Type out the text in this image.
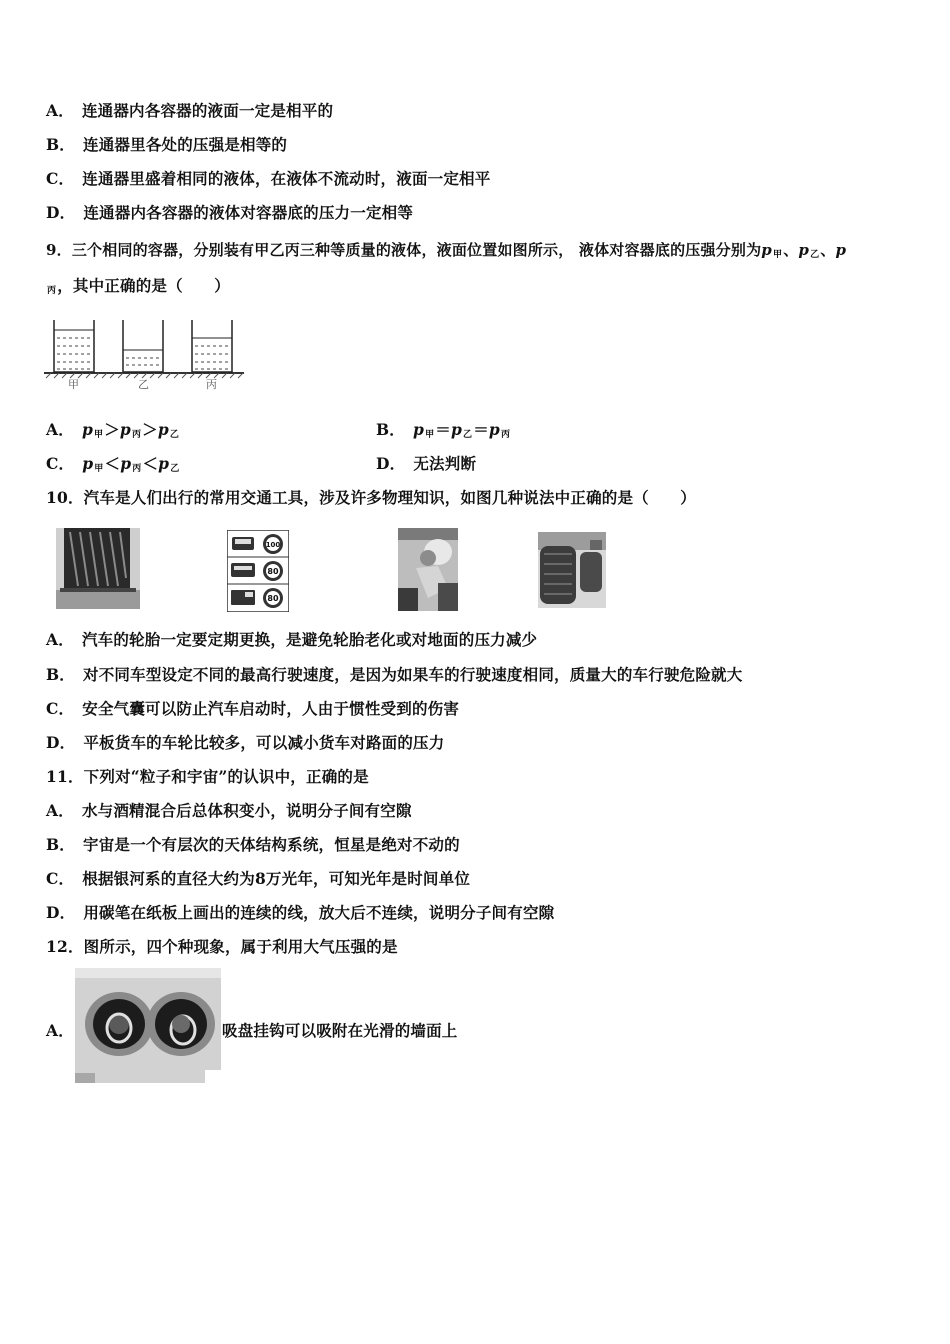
A． 连通器内各容器的液面一定是相平的
B． 连通器里各处的压强是相等的
C． 连通器里盛着相同的液体，在液体不流动时，液面一定相平
D． 连通器内各容器的液体对容器底的压力一定相等
9．三个相同的容器，分别装有甲乙丙三种等质量的液体，液面位置如图所示， 液体对容器底的压强分别为$p_甲$、$p_乙$、p
$_丙$，其中正确的是（　　）
甲	乙	丙
A． $p_甲>p_丙>p_乙$	B． $p_甲=p_乙=p_丙$
C． $p_甲<p_丙<p_乙$	D． 无法判断
10．汽车是人们出行的常用交通工具，涉及许多物理知识，如图几种说法中正确的是（　　）
100
80
80
A． 汽车的轮胎一定要定期更换，是避免轮胎老化或对地面的压力减少
B． 对不同车型设定不同的最高行驶速度，是因为如果车的行驶速度相同，质量大的车行驶危险就大
C． 安全气囊可以防止汽车启动时，人由于惯性受到的伤害
D． 平板货车的车轮比较多，可以减小货车对路面的压力
11．下列对“粒子和宇宙”的认识中，正确的是
A． 水与酒精混合后总体积变小，说明分子间有空隙
B． 宇宙是一个有层次的天体结构系统，恒星是绝对不动的
C． 根据银河系的直径大约为8万光年，可知光年是时间单位
D． 用碳笔在纸板上画出的连续的线，放大后不连续，说明分子间有空隙
12．图所示，四个种现象，属于利用大气压强的是
A．	吸盘挂钩可以吸附在光滑的墙面上
